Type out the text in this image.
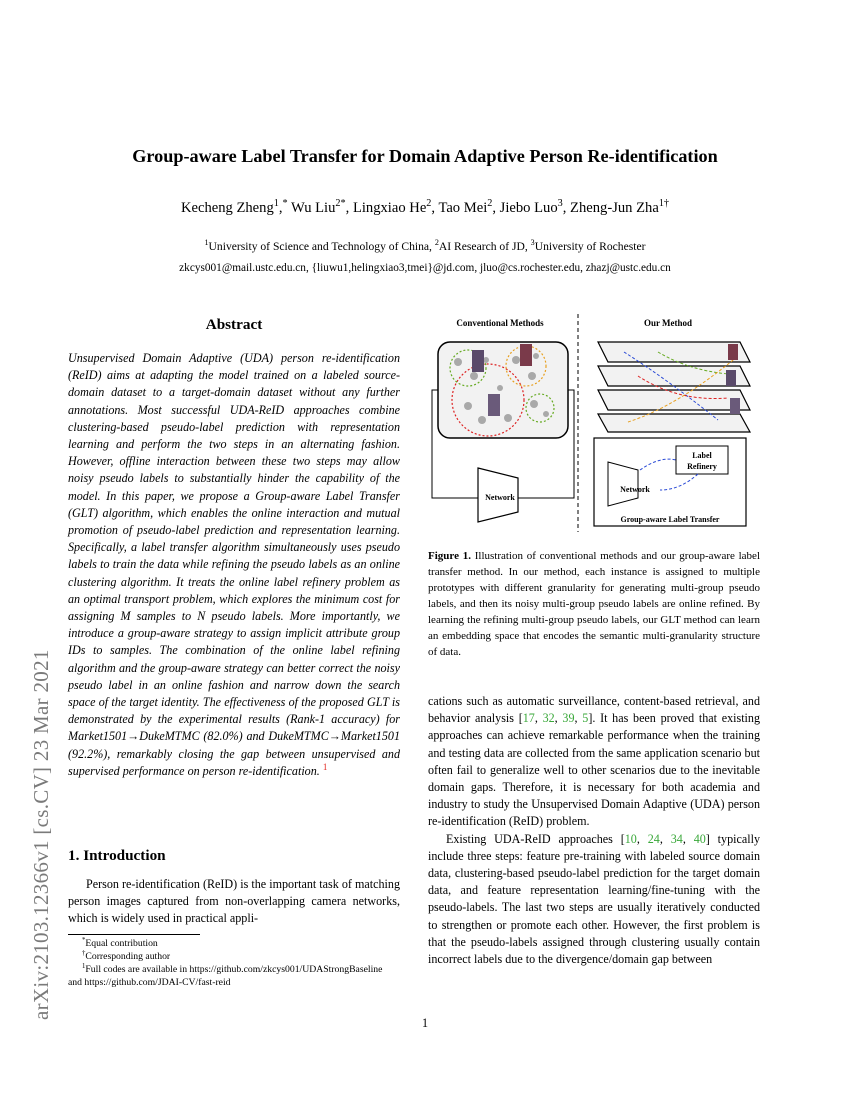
arXiv:2103.12366v1 [cs.CV] 23 Mar 2021
Group-aware Label Transfer for Domain Adaptive Person Re-identification
Kecheng Zheng$^1$,* Wu Liu$^{2*}$, Lingxiao He$^2$, Tao Mei$^2$, Jiebo Luo$^3$, Zheng-Jun Zha$^{1\dagger}$
$^1$University of Science and Technology of China, $^2$AI Research of JD, $^3$University of Rochester
zkcys001@mail.ustc.edu.cn, {liuwu1,helingxiao3,tmei}@jd.com, jluo@cs.rochester.edu, zhazj@ustc.edu.cn
Abstract
Unsupervised Domain Adaptive (UDA) person re-identification (ReID) aims at adapting the model trained on a labeled source-domain dataset to a target-domain dataset without any further annotations. Most successful UDA-ReID approaches combine clustering-based pseudo-label prediction with representation learning and perform the two steps in an alternating fashion. However, offline interaction between these two steps may allow noisy pseudo labels to substantially hinder the capability of the model. In this paper, we propose a Group-aware Label Transfer (GLT) algorithm, which enables the online interaction and mutual promotion of pseudo-label prediction and representation learning. Specifically, a label transfer algorithm simultaneously uses pseudo labels to train the data while refining the pseudo labels as an online clustering algorithm. It treats the online label refinery problem as an optimal transport problem, which explores the minimum cost for assigning M samples to N pseudo labels. More importantly, we introduce a group-aware strategy to assign implicit attribute group IDs to samples. The combination of the online label refining algorithm and the group-aware strategy can better correct the noisy pseudo label in an online fashion and narrow down the search space of the target identity. The effectiveness of the proposed GLT is demonstrated by the experimental results (Rank-1 accuracy) for Market1501→DukeMTMC (82.0%) and DukeMTMC→Market1501 (92.2%), remarkably closing the gap between unsupervised and supervised performance on person re-identification. $^1$
1. Introduction
Person re-identification (ReID) is the important task of matching person images captured from non-overlapping camera networks, which is widely used in practical appli-
*Equal contribution
†Corresponding author
$^1$Full codes are available in https://github.com/zkcys001/UDAStrongBaseline
and https://github.com/JDAI-CV/fast-reid
Conventional Methods	Our Method
Network
Label
Refinery
Network
Group-aware Label Transfer
Figure 1. Illustration of conventional methods and our group-aware label transfer method. In our method, each instance is assigned to multiple prototypes with different granularity for generating multi-group pseudo labels, and then its noisy multi-group pseudo labels are online refined. By learning the refining multi-group pseudo labels, our GLT method can learn an embedding space that encodes the semantic multi-granularity structure of data.

cations such as automatic surveillance, content-based retrieval, and behavior analysis [17, 32, 39, 5]. It has been proved that existing approaches can achieve remarkable performance when the training and testing data are collected from the same application scenario but often fail to generalize well to other scenarios due to the inevitable domain gaps. Therefore, it is necessary for both academia and industry to study the Unsupervised Domain Adaptive (UDA) person re-identification (ReID) problem.

Existing UDA-ReID approaches [10, 24, 34, 40] typically include three steps: feature pre-training with labeled source domain data, clustering-based pseudo-label prediction for the target domain data, and feature representation learning/fine-tuning with the pseudo-labels. The last two steps are usually iteratively conducted to strengthen or promote each other. However, the first problem is that the pseudo-labels assigned through clustering usually contain incorrect labels due to the divergence/domain gap between

1
